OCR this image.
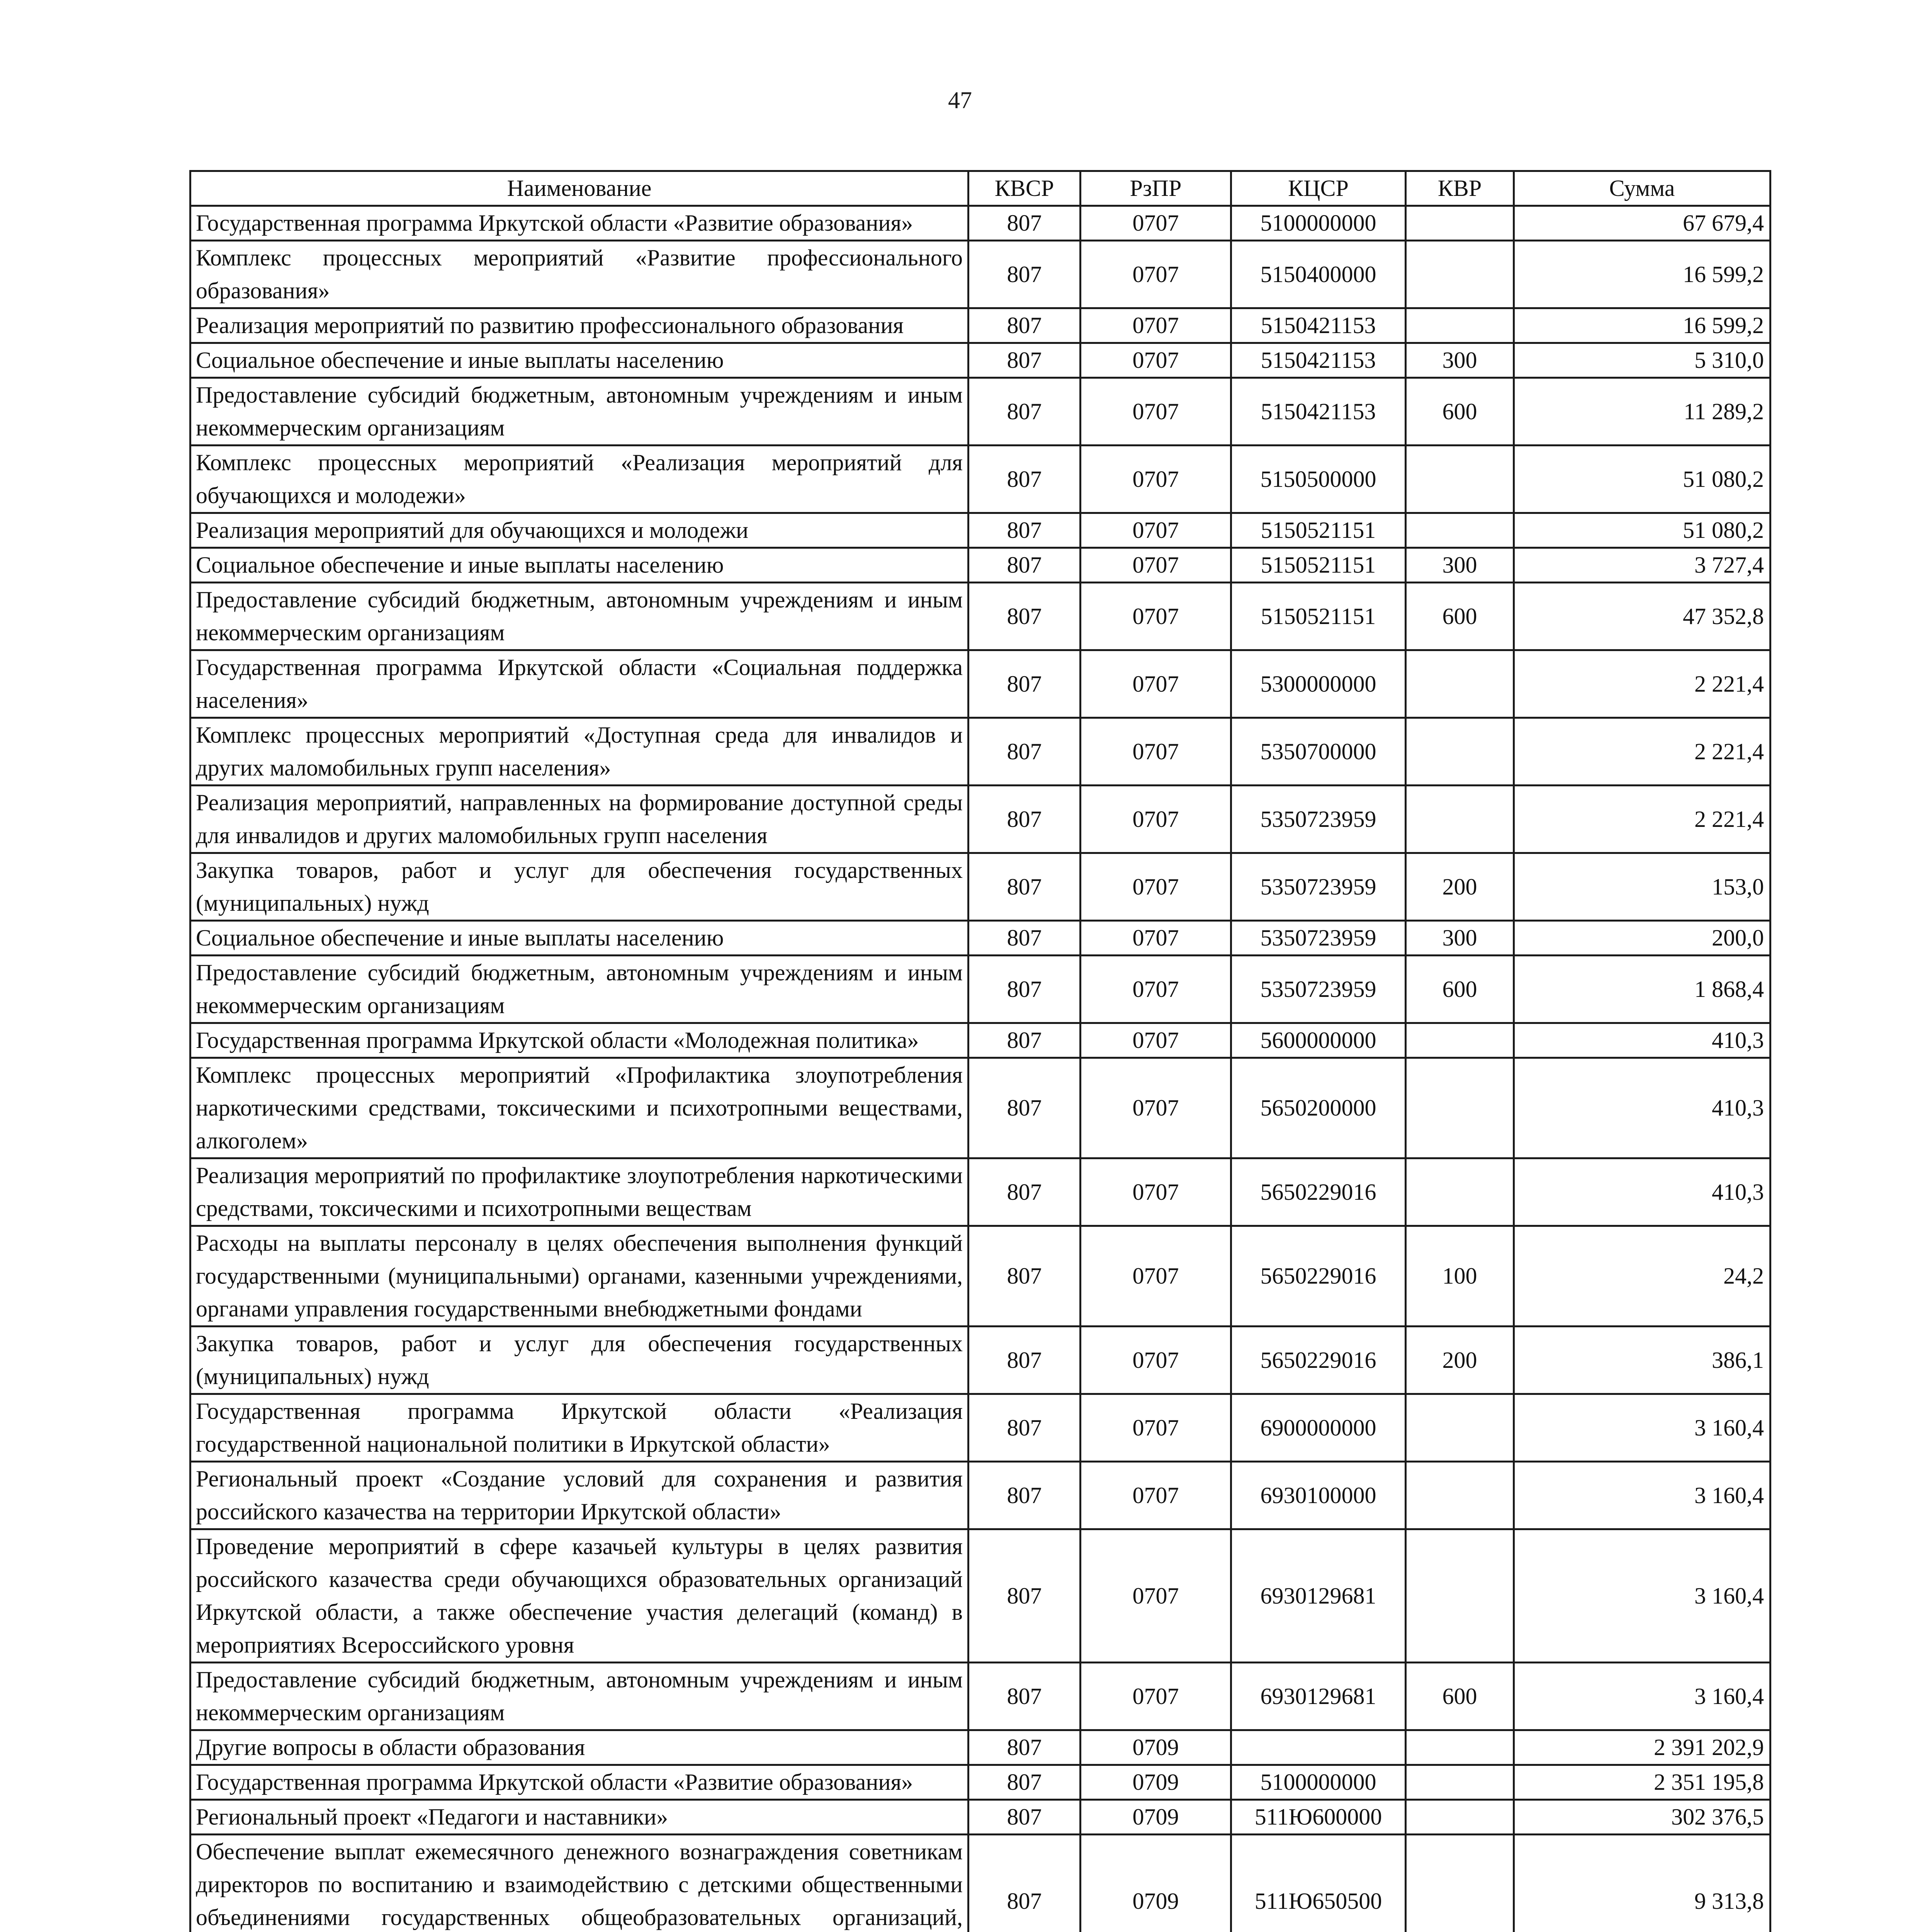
47
Наименование	КВСР	РзПР	КЦСР	КВР	Сумма
Государственная программа Иркутской области «Развитие образования»	807	0707	5100000000		67 679,4
Комплекс процессных мероприятий «Развитие профессионального образования»	807	0707	5150400000		16 599,2
Реализация мероприятий по развитию профессионального образования	807	0707	5150421153		16 599,2
Социальное обеспечение и иные выплаты населению	807	0707	5150421153	300	5 310,0
Предоставление субсидий бюджетным, автономным учреждениям и иным некоммерческим организациям	807	0707	5150421153	600	11 289,2
Комплекс процессных мероприятий «Реализация мероприятий для обучающихся и молодежи»	807	0707	5150500000		51 080,2
Реализация мероприятий для обучающихся и молодежи	807	0707	5150521151		51 080,2
Социальное обеспечение и иные выплаты населению	807	0707	5150521151	300	3 727,4
Предоставление субсидий бюджетным, автономным учреждениям и иным некоммерческим организациям	807	0707	5150521151	600	47 352,8
Государственная программа Иркутской области «Социальная поддержка населения»	807	0707	5300000000		2 221,4
Комплекс процессных мероприятий «Доступная среда для инвалидов и других маломобильных групп населения»	807	0707	5350700000		2 221,4
Реализация мероприятий, направленных на формирование доступной среды для инвалидов и других маломобильных групп населения	807	0707	5350723959		2 221,4
Закупка товаров, работ и услуг для обеспечения государственных (муниципальных) нужд	807	0707	5350723959	200	153,0
Социальное обеспечение и иные выплаты населению	807	0707	5350723959	300	200,0
Предоставление субсидий бюджетным, автономным учреждениям и иным некоммерческим организациям	807	0707	5350723959	600	1 868,4
Государственная программа Иркутской области «Молодежная политика»	807	0707	5600000000		410,3
Комплекс процессных мероприятий «Профилактика злоупотребления наркотическими средствами, токсическими и психотропными веществами, алкоголем»	807	0707	5650200000		410,3
Реализация мероприятий по профилактике злоупотребления наркотическими средствами, токсическими и психотропными веществам	807	0707	5650229016		410,3
Расходы на выплаты персоналу в целях обеспечения выполнения функций государственными (муниципальными) органами, казенными учреждениями, органами управления государственными внебюджетными фондами	807	0707	5650229016	100	24,2
Закупка товаров, работ и услуг для обеспечения государственных (муниципальных) нужд	807	0707	5650229016	200	386,1
Государственная программа Иркутской области «Реализация государственной национальной политики в Иркутской области»	807	0707	6900000000		3 160,4
Региональный проект «Создание условий для сохранения и развития российского казачества на территории Иркутской области»	807	0707	6930100000		3 160,4
Проведение мероприятий в сфере казачьей культуры в целях развития российского казачества среди обучающихся образовательных организаций Иркутской области, а также обеспечение участия делегаций (команд) в мероприятиях Всероссийского уровня	807	0707	6930129681		3 160,4
Предоставление субсидий бюджетным, автономным учреждениям и иным некоммерческим организациям	807	0707	6930129681	600	3 160,4
Другие вопросы в области образования	807	0709			2 391 202,9
Государственная программа Иркутской области «Развитие образования»	807	0709	5100000000		2 351 195,8
Региональный проект «Педагоги и наставники»	807	0709	511Ю600000		302 376,5
Обеспечение выплат ежемесячного денежного вознаграждения советникам директоров по воспитанию и взаимодействию с детскими общественными объединениями государственных общеобразовательных организаций,	807	0709	511Ю650500		9 313,8
